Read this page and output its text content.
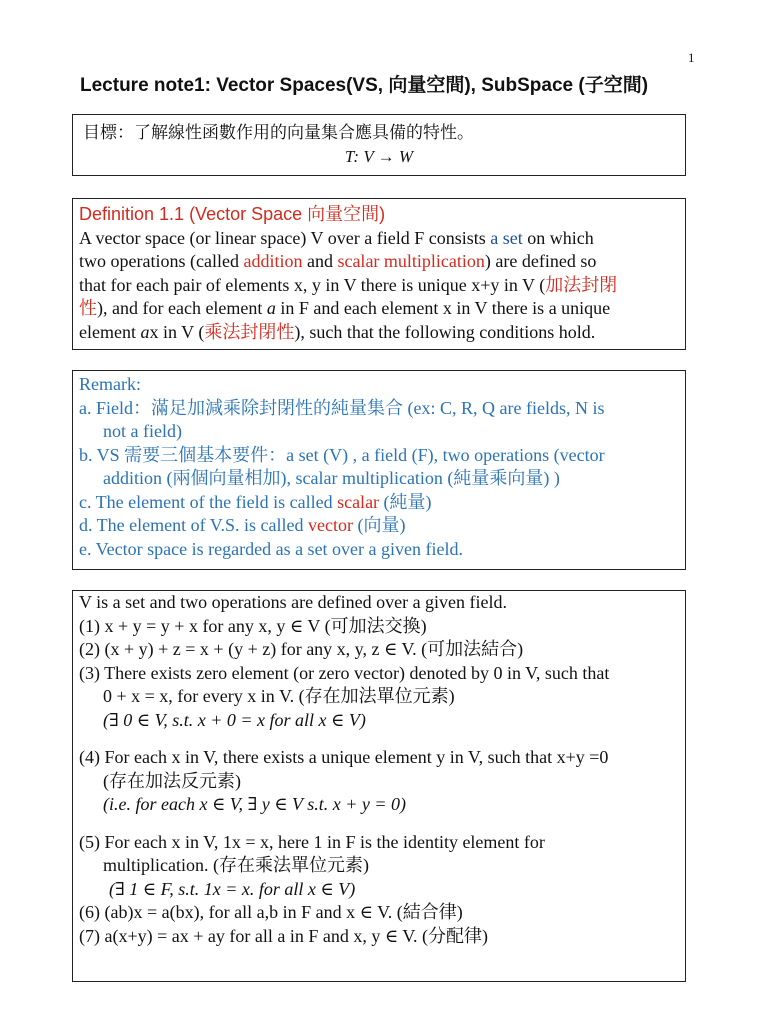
1
Lecture note1: Vector Spaces(VS, 向量空間), SubSpace (子空間)
目標：了解線性函數作用的向量集合應具備的特性。
T: V → W
Definition 1.1 (Vector Space 向量空間)
A vector space (or linear space) V over a field F consists a set on which
two operations (called addition and scalar multiplication) are defined so
that for each pair of elements x, y in V there is unique x+y in V (加法封閉
性), and for each element a in F and each element x in V there is a unique
element ax in V (乘法封閉性), such that the following conditions hold.
Remark:
a. Field：滿足加減乘除封閉性的純量集合 (ex: C, R, Q are fields, N is
not a field)
b. VS 需要三個基本要件：a set (V) , a field (F), two operations (vector
addition (兩個向量相加), scalar multiplication (純量乘向量) )
c. The element of the field is called scalar (純量)
d. The element of V.S. is called vector (向量)
e. Vector space is regarded as a set over a given field.
V is a set and two operations are defined over a given field.
(1) x + y = y + x for any x, y ∈ V (可加法交換)
(2) (x + y) + z = x + (y + z) for any x, y, z ∈ V. (可加法結合)
(3) There exists zero element (or zero vector) denoted by 0 in V, such that
0 + x = x, for every x in V. (存在加法單位元素)
(∃ 0 ∈ V, s.t. x + 0 = x for all x ∈ V)
(4) For each x in V, there exists a unique element y in V, such that x+y =0
(存在加法反元素)
(i.e. for each x ∈ V, ∃ y ∈ V s.t. x + y = 0)
(5) For each x in V, 1x = x, here 1 in F is the identity element for
multiplication. (存在乘法單位元素)
(∃ 1 ∈ F, s.t. 1x = x. for all x ∈ V)
(6) (ab)x = a(bx), for all a,b in F and x ∈ V. (結合律)
(7) a(x+y) = ax + ay for all a in F and x, y ∈ V. (分配律)
